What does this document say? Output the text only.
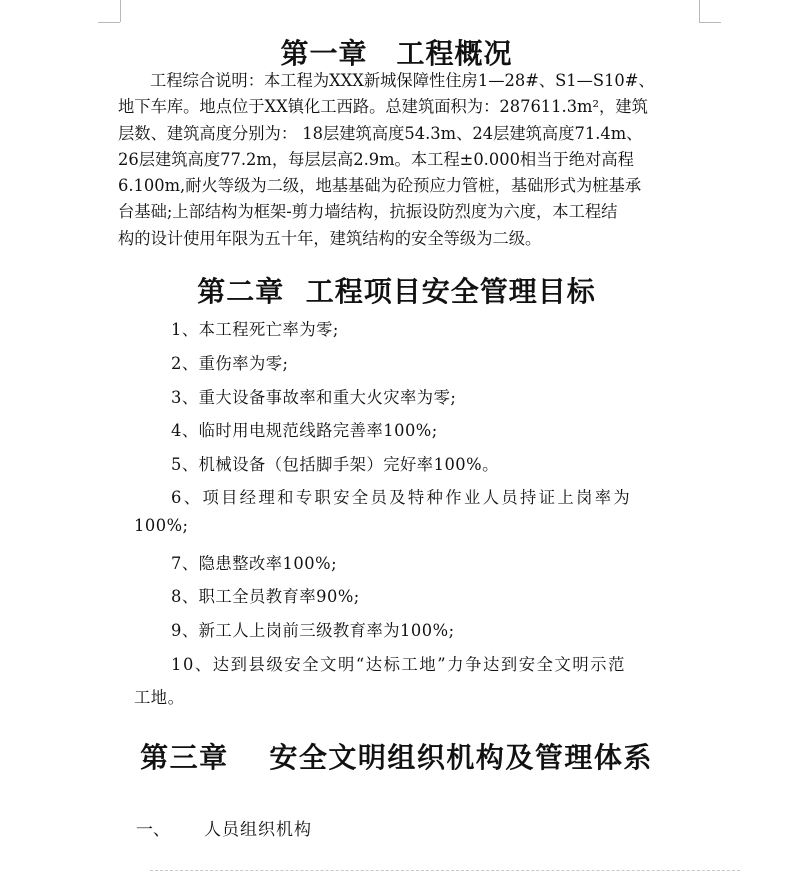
第一章　工程概况
工程综合说明：本工程为XXX新城保障性住房1—28#、S1—S10#、
地下车库。地点位于XX镇化工西路。总建筑面积为：287611.3m²，建筑
层数、建筑高度分别为： 18层建筑高度54.3m、24层建筑高度71.4m、
26层建筑高度77.2m，每层层高2.9m。本工程±0.000相当于绝对高程
6.100m,耐火等级为二级，地基基础为砼预应力管桩，基础形式为桩基承
台基础;上部结构为框架-剪力墙结构，抗振设防烈度为六度，本工程结
构的设计使用年限为五十年，建筑结构的安全等级为二级。
第二章  工程项目安全管理目标
1、本工程死亡率为零;
2、重伤率为零;
3、重大设备事故率和重大火灾率为零;
4、临时用电规范线路完善率100%;
5、机械设备（包括脚手架）完好率100%。
6、项目经理和专职安全员及特种作业人员持证上岗率为
100%;
7、隐患整改率100%;
8、职工全员教育率90%;
9、新工人上岗前三级教育率为100%;
10、达到县级安全文明“达标工地”力争达到安全文明示范
工地。
第三章　 安全文明组织机构及管理体系
一、 人员组织机构
